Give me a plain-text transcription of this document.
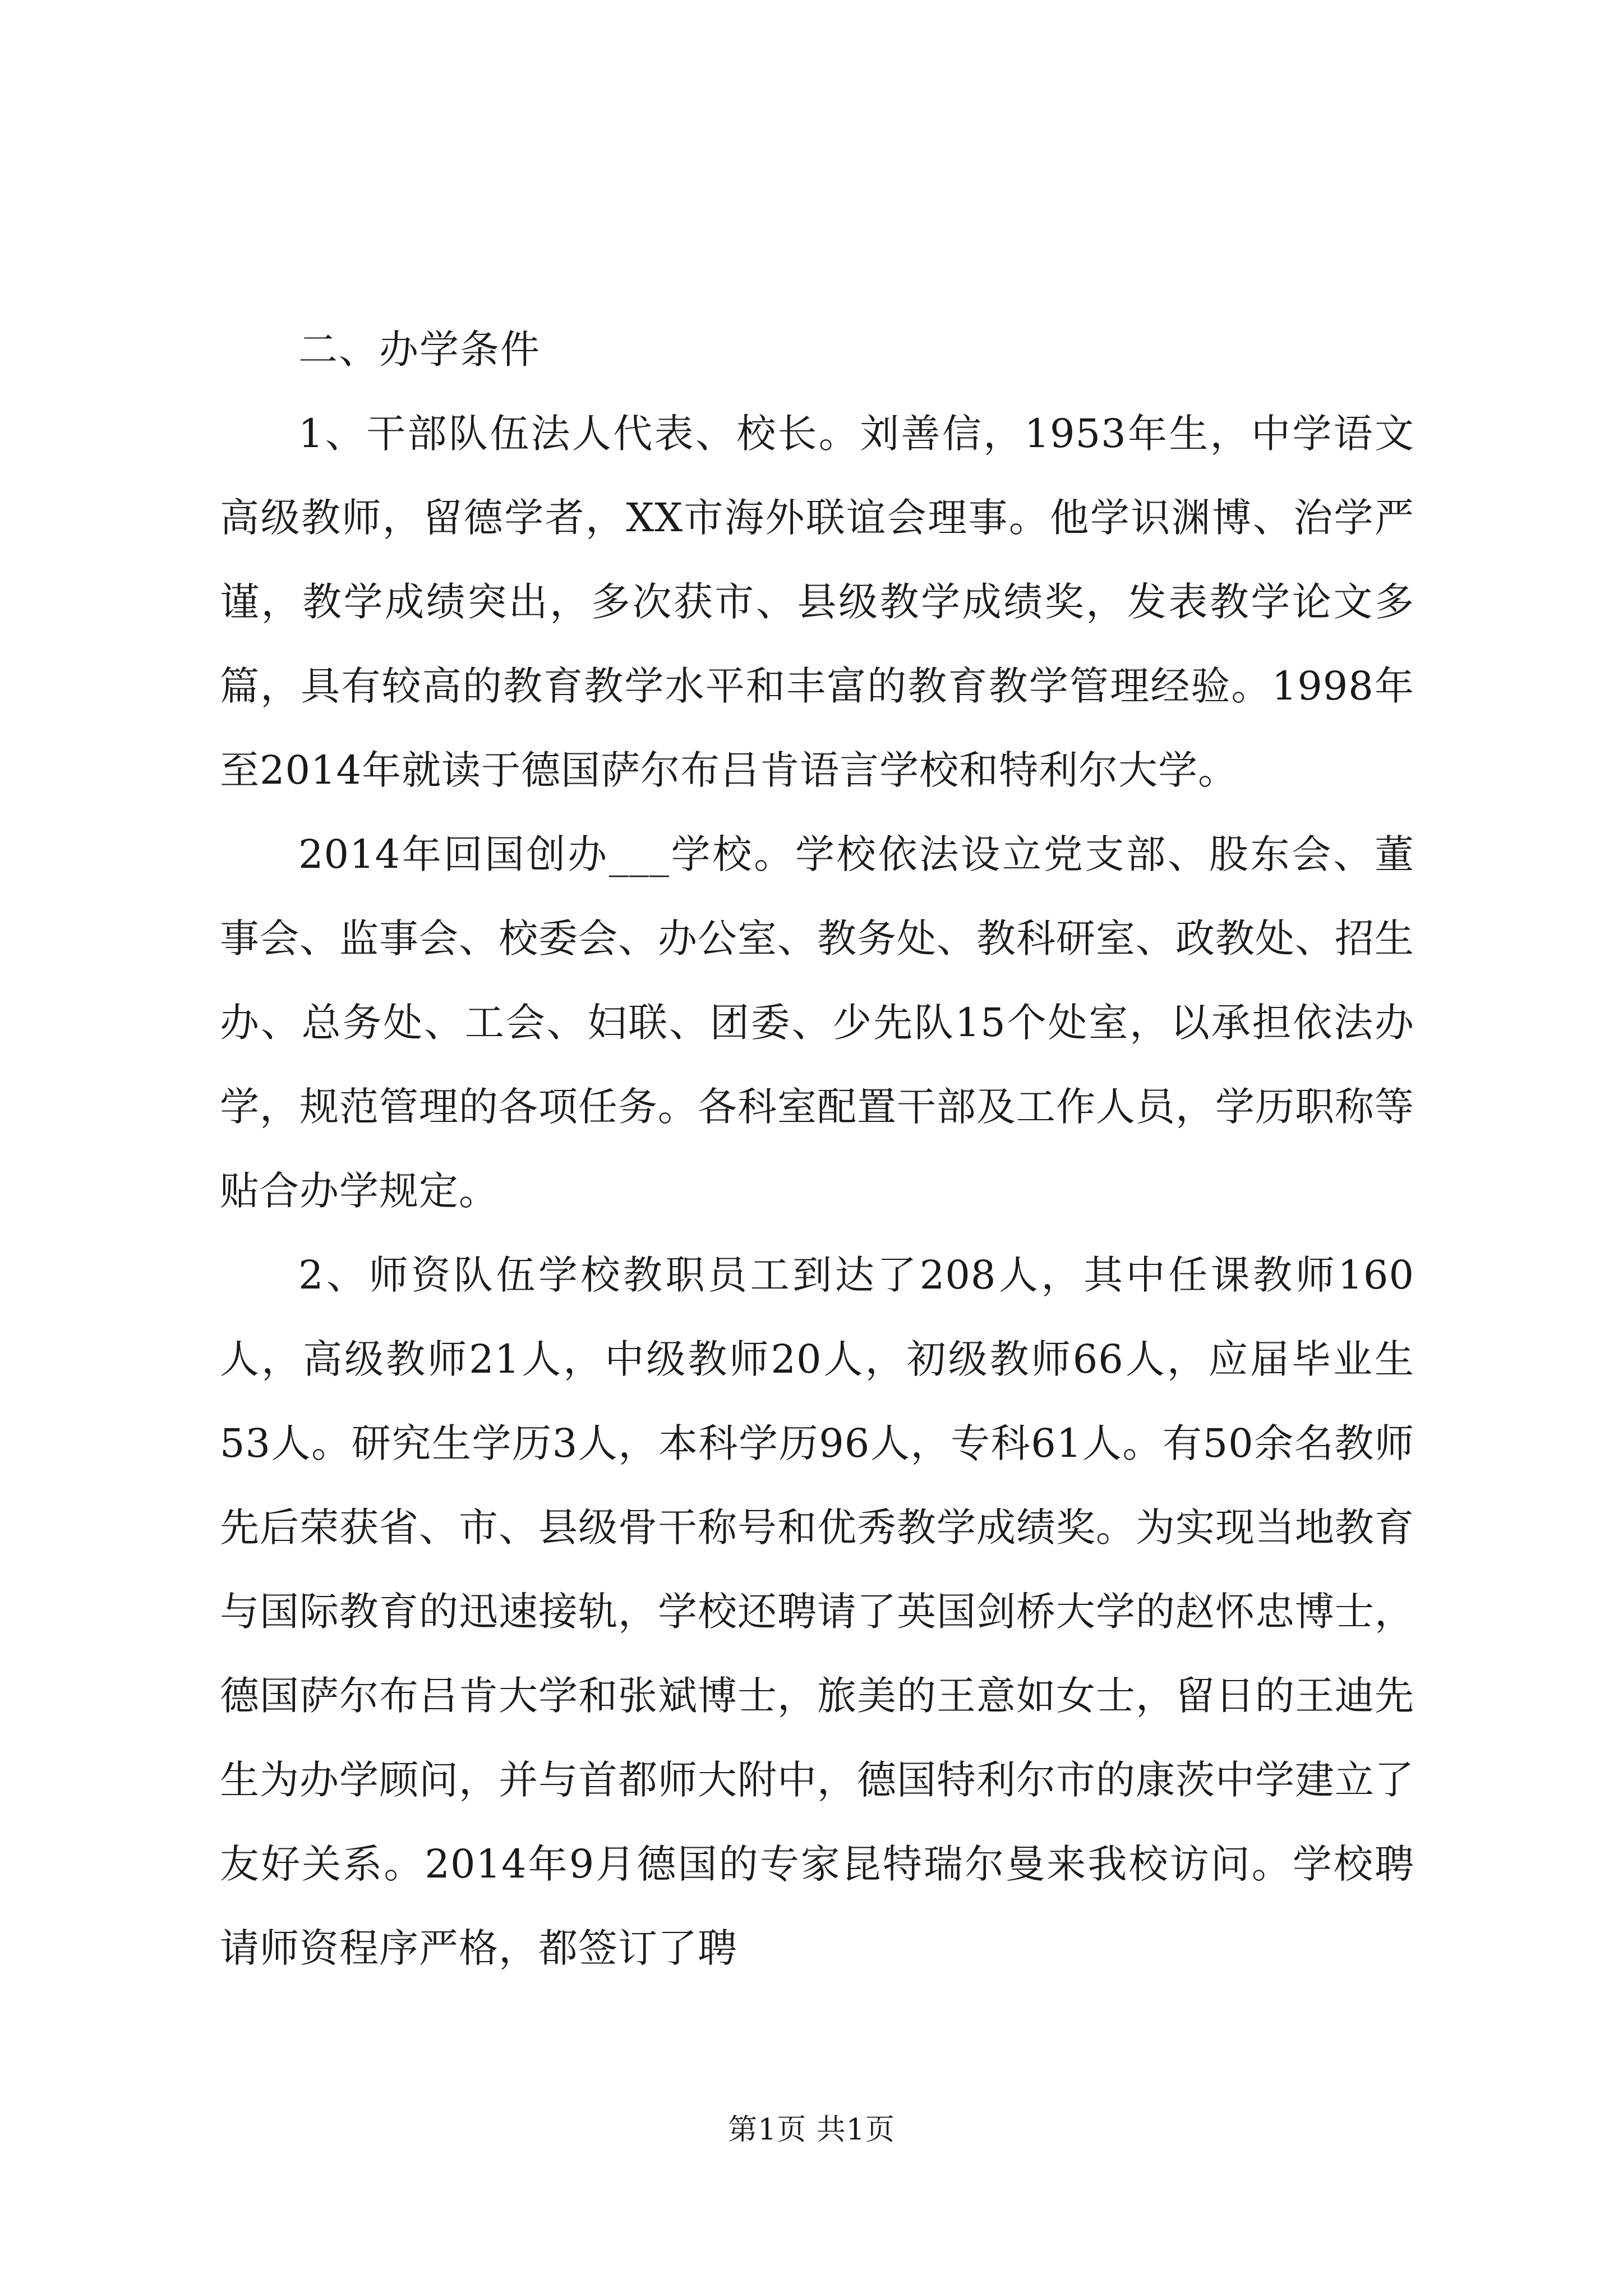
二、办学条件

1、干部队伍法人代表、校长。刘善信，1953年生，中学语文高级教师，留德学者，XX市海外联谊会理事。他学识渊博、治学严谨，教学成绩突出，多次获市、县级教学成绩奖，发表教学论文多篇，具有较高的教育教学水平和丰富的教育教学管理经验。1998年至2014年就读于德国萨尔布吕肯语言学校和特利尔大学。

2014年回国创办___学校。学校依法设立党支部、股东会、董事会、监事会、校委会、办公室、教务处、教科研室、政教处、招生办、总务处、工会、妇联、团委、少先队15个处室，以承担依法办学，规范管理的各项任务。各科室配置干部及工作人员，学历职称等贴合办学规定。

2、师资队伍学校教职员工到达了208人，其中任课教师160人，高级教师21人，中级教师20人，初级教师66人，应届毕业生53人。研究生学历3人，本科学历96人，专科61人。有50余名教师先后荣获省、市、县级骨干称号和优秀教学成绩奖。为实现当地教育与国际教育的迅速接轨，学校还聘请了英国剑桥大学的赵怀忠博士，德国萨尔布吕肯大学和张斌博士，旅美的王意如女士，留日的王迪先生为办学顾问，并与首都师大附中，德国特利尔市的康茨中学建立了友好关系。2014年9月德国的专家昆特瑞尔曼来我校访问。学校聘请师资程序严格，都签订了聘

第1页 共1页
